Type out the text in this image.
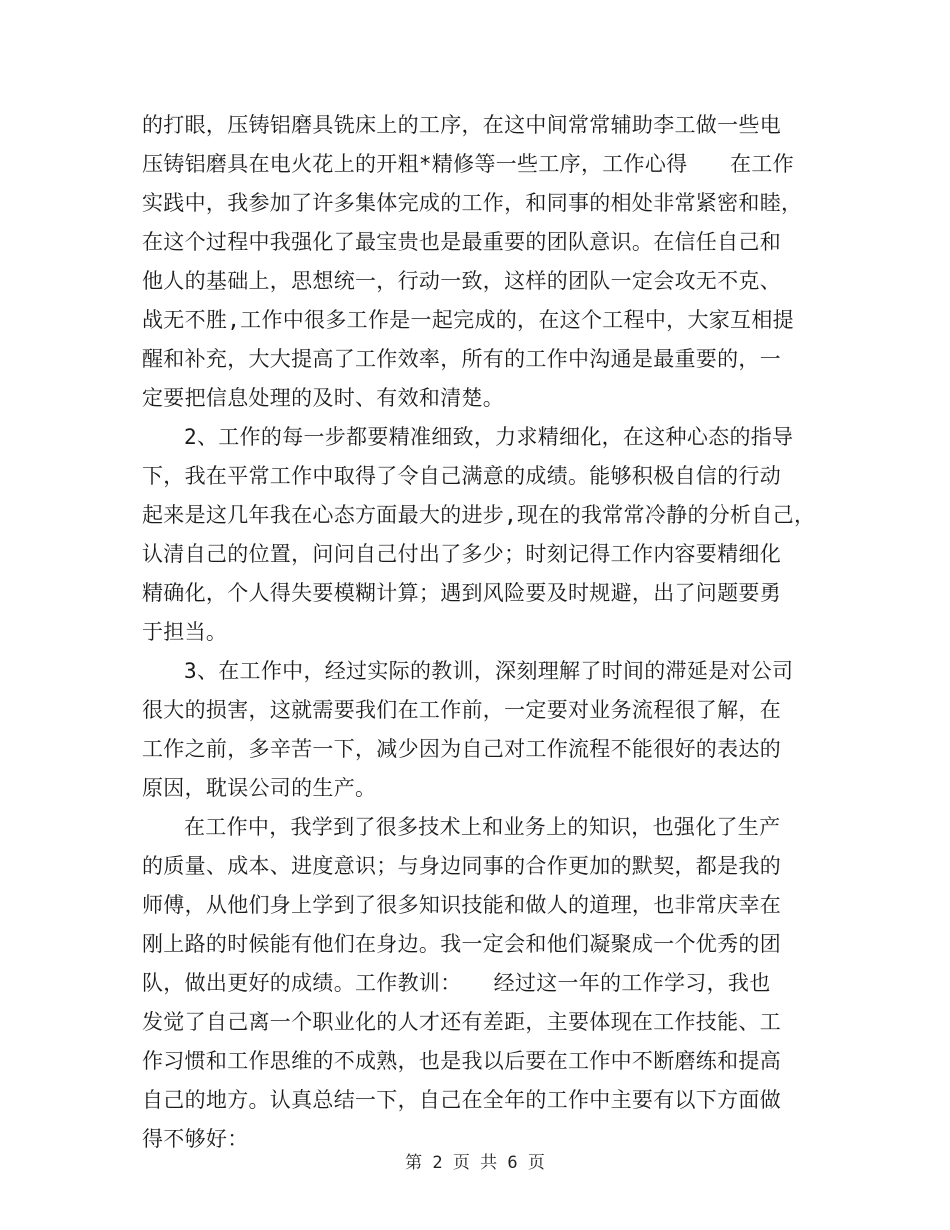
的打眼，压铸铝磨具铣床上的工序，在这中间常常辅助李工做一些电
压铸铝磨具在电火花上的开粗*精修等一些工序，工作心得　　在工作
实践中，我参加了许多集体完成的工作，和同事的相处非常紧密和睦，
在这个过程中我强化了最宝贵也是最重要的团队意识。在信任自己和
他人的基础上，思想统一，行动一致，这样的团队一定会攻无不克、
战无不胜,工作中很多工作是一起完成的，在这个工程中，大家互相提
醒和补充，大大提高了工作效率，所有的工作中沟通是最重要的，一
定要把信息处理的及时、有效和清楚。
2、工作的每一步都要精准细致，力求精细化，在这种心态的指导
下，我在平常工作中取得了令自己满意的成绩。能够积极自信的行动
起来是这几年我在心态方面最大的进步,现在的我常常冷静的分析自己，
认清自己的位置，问问自己付出了多少；时刻记得工作内容要精细化
精确化，个人得失要模糊计算；遇到风险要及时规避，出了问题要勇
于担当。
3、在工作中，经过实际的教训，深刻理解了时间的滞延是对公司
很大的损害，这就需要我们在工作前，一定要对业务流程很了解，在
工作之前，多辛苦一下，减少因为自己对工作流程不能很好的表达的
原因，耽误公司的生产。
在工作中，我学到了很多技术上和业务上的知识，也强化了生产
的质量、成本、进度意识；与身边同事的合作更加的默契，都是我的
师傅，从他们身上学到了很多知识技能和做人的道理，也非常庆幸在
刚上路的时候能有他们在身边。我一定会和他们凝聚成一个优秀的团
队，做出更好的成绩。工作教训：　　经过这一年的工作学习，我也
发觉了自己离一个职业化的人才还有差距，主要体现在工作技能、工
作习惯和工作思维的不成熟，也是我以后要在工作中不断磨练和提高
自己的地方。认真总结一下，自己在全年的工作中主要有以下方面做
得不够好：
第 2 页 共 6 页
